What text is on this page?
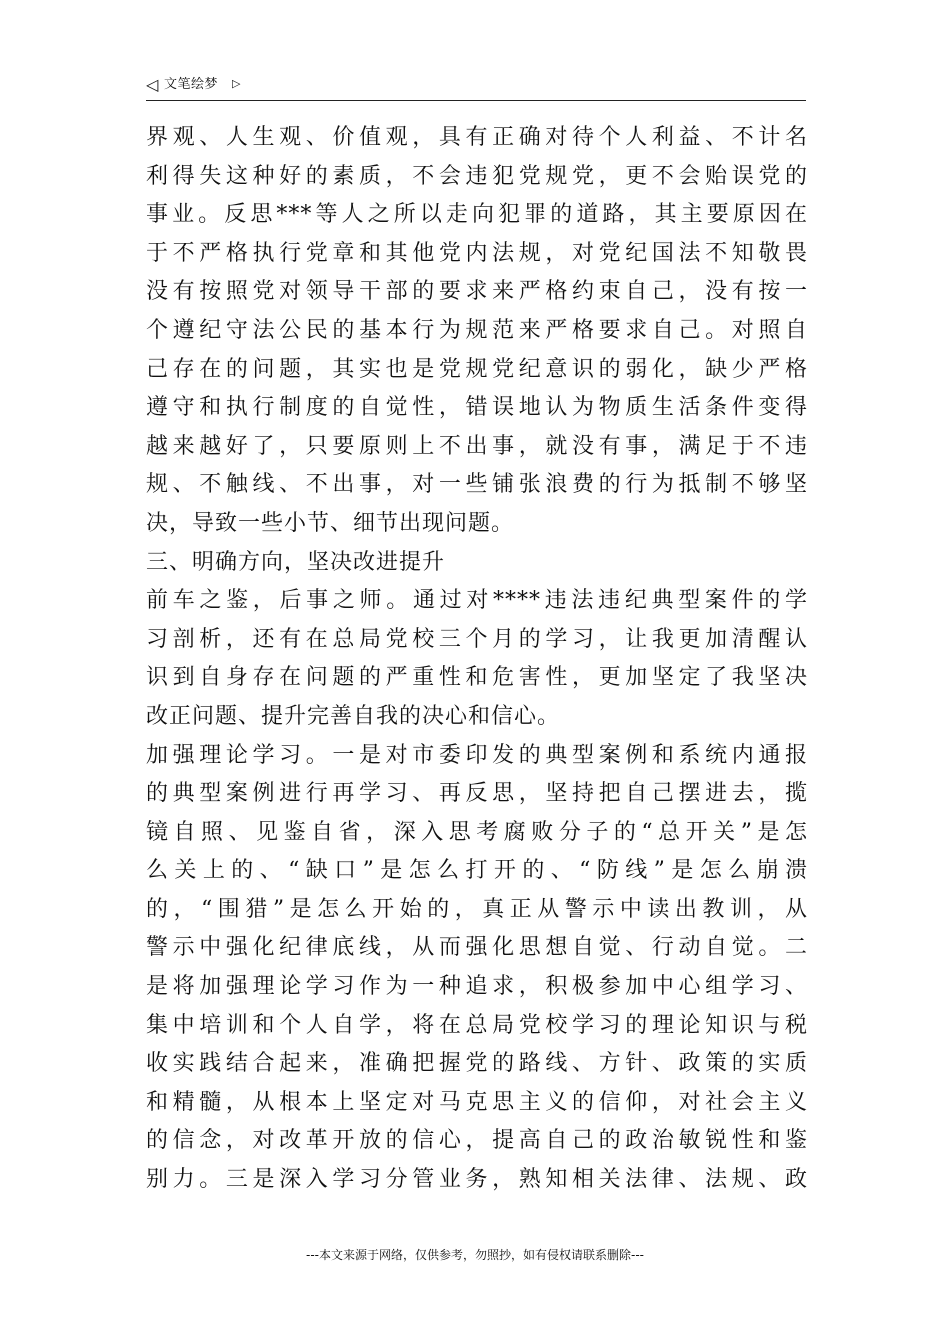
◁ 文笔绘梦 ▷
界观、人生观、价值观，具有正确对待个人利益、不计名
利得失这种好的素质，不会违犯党规党，更不会贻误党的
事业。反思***等人之所以走向犯罪的道路，其主要原因在
于不严格执行党章和其他党内法规，对党纪国法不知敬畏
没有按照党对领导干部的要求来严格约束自己，没有按一
个遵纪守法公民的基本行为规范来严格要求自己。对照自
己存在的问题，其实也是党规党纪意识的弱化，缺少严格
遵守和执行制度的自觉性，错误地认为物质生活条件变得
越来越好了，只要原则上不出事，就没有事，满足于不违
规、不触线、不出事，对一些铺张浪费的行为抵制不够坚
决，导致一些小节、细节出现问题。
三、明确方向，坚决改进提升
前车之鉴，后事之师。通过对****违法违纪典型案件的学
习剖析，还有在总局党校三个月的学习，让我更加清醒认
识到自身存在问题的严重性和危害性，更加坚定了我坚决
改正问题、提升完善自我的决心和信心。
加强理论学习。一是对市委印发的典型案例和系统内通报
的典型案例进行再学习、再反思，坚持把自己摆进去，揽
镜自照、见鉴自省，深入思考腐败分子的“总开关”是怎
么关上的、“缺口”是怎么打开的、“防线”是怎么崩溃
的，“围猎”是怎么开始的，真正从警示中读出教训，从
警示中强化纪律底线，从而强化思想自觉、行动自觉。二
是将加强理论学习作为一种追求，积极参加中心组学习、
集中培训和个人自学，将在总局党校学习的理论知识与税
收实践结合起来，准确把握党的路线、方针、政策的实质
和精髓，从根本上坚定对马克思主义的信仰，对社会主义
的信念，对改革开放的信心，提高自己的政治敏锐性和鉴
别力。三是深入学习分管业务，熟知相关法律、法规、政
---本文来源于网络，仅供参考，勿照抄，如有侵权请联系删除---
